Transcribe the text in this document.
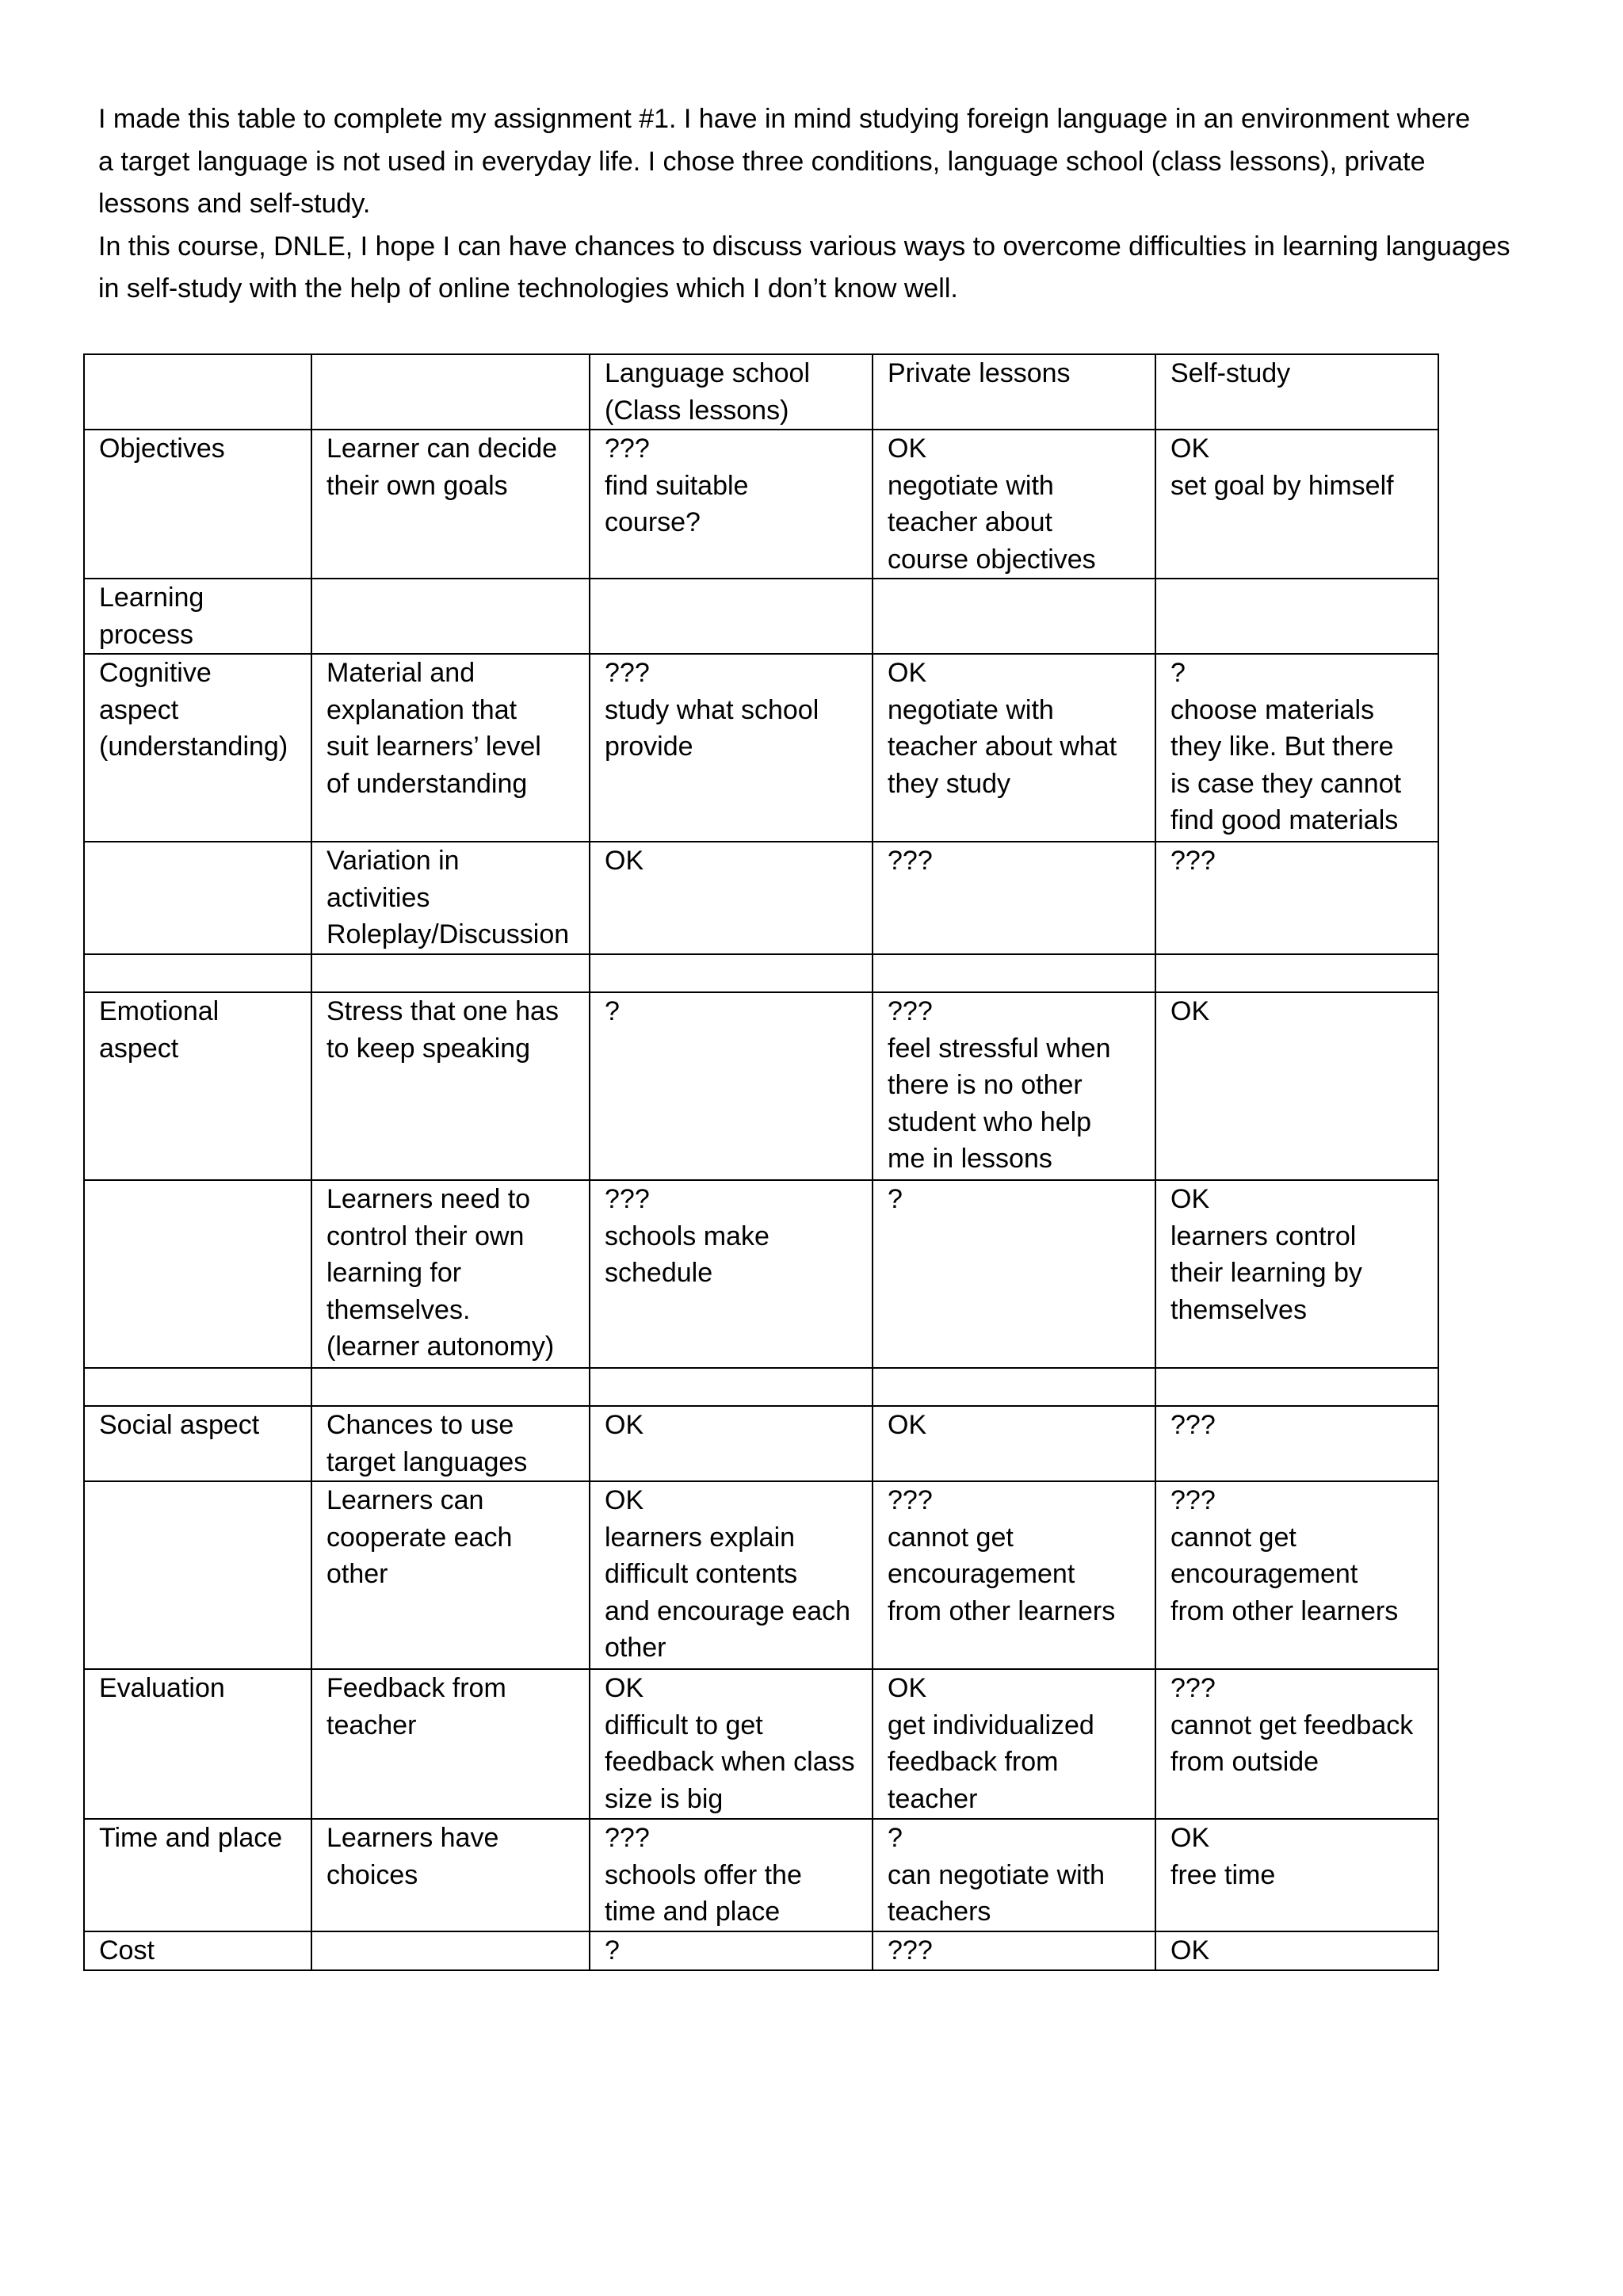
I made this table to complete my assignment #1. I have in mind studying foreign language in an environment where
a target language is not used in everyday life. I chose three conditions, language school (class lessons), private
lessons and self-study.

In this course, DNLE, I hope I can have chances to discuss various ways to overcome difficulties in learning languages
in self-study with the help of online technologies which I don’t know well.

		Language school
(Class lessons)	Private lessons	Self-study

Objectives	Learner can decide
their own goals	???
find suitable
course?	OK
negotiate with
teacher about
course objectives	OK
set goal by himself

Learning
process				

Cognitive
aspect
(understanding)	Material and
explanation that
suit learners’ level
of understanding	???
study what school
provide	OK
negotiate with
teacher about what
they study	?
choose materials
they like. But there
is case they cannot
find good materials

	Variation in
activities
Roleplay/Discussion	OK	???	???

Emotional
aspect	Stress that one has
to keep speaking	?	???
feel stressful when
there is no other
student who help
me in lessons	OK

	Learners need to
control their own
learning for
themselves.
(learner autonomy)	???
schools make
schedule	?	OK
learners control
their learning by
themselves

Social aspect	Chances to use
target languages	OK	OK	???

	Learners can
cooperate each
other	OK
learners explain
difficult contents
and encourage each
other	???
cannot get
encouragement
from other learners	???
cannot get
encouragement
from other learners

Evaluation	Feedback from
teacher	OK
difficult to get
feedback when class
size is big	OK
get individualized
feedback from
teacher	???
cannot get feedback
from outside

Time and place	Learners have
choices	???
schools offer the
time and place	?
can negotiate with
teachers	OK
free time

Cost		?	???	OK
